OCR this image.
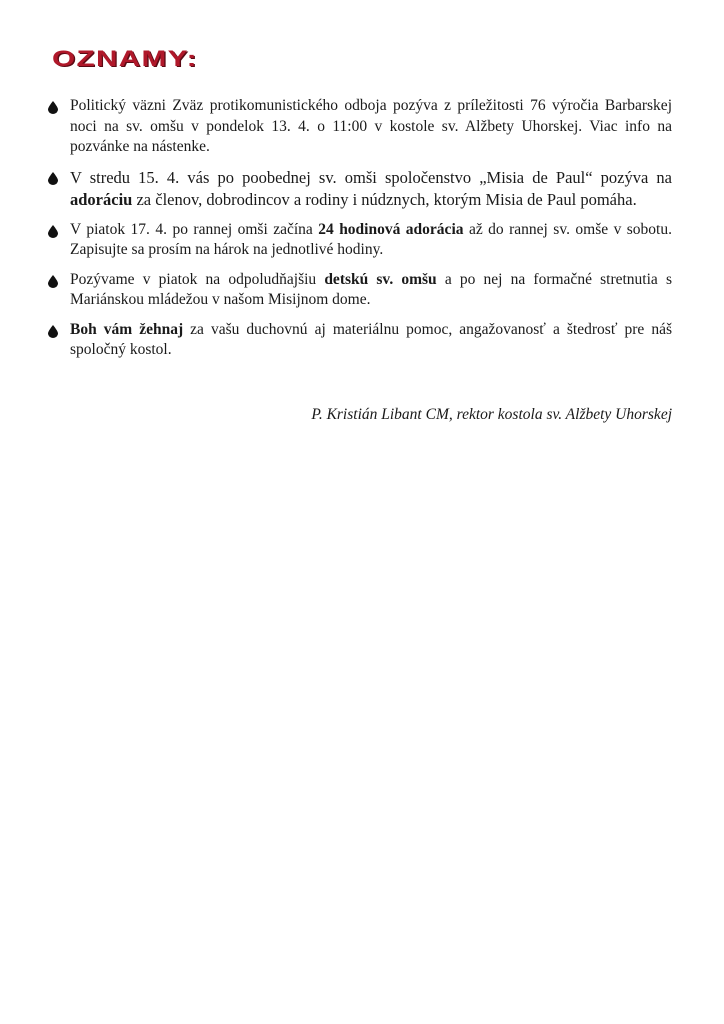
OZNAMY:
Politický väzni Zväz protikomunistického odboja pozýva z príležitosti 76 výročia Barbarskej noci na sv. omšu v pondelok 13. 4. o 11:00 v kostole sv. Alžbety Uhorskej. Viac info na pozvánke na nástenke.
V stredu 15. 4. vás po poobednej sv. omši spoločenstvo „Misia de Paul“ pozýva na adoráciu za členov, dobrodincov a rodiny i núdznych, ktorým Misia de Paul pomáha.
V piatok 17. 4. po rannej omši začína 24 hodinová adorácia až do rannej sv. omše v sobotu. Zapisujte sa prosím na hárok na jednotlivé hodiny.
Pozývame v piatok na odpoludňajšiu detskú sv. omšu a po nej na formačné stretnutia s Mariánskou mládežou v našom Misijnom dome.
Boh vám žehnaj za vašu duchovnú aj materiálnu pomoc, angažovanosť a štedrosť pre náš spoločný kostol.
P. Kristián Libant CM, rektor kostola sv. Alžbety Uhorskej
